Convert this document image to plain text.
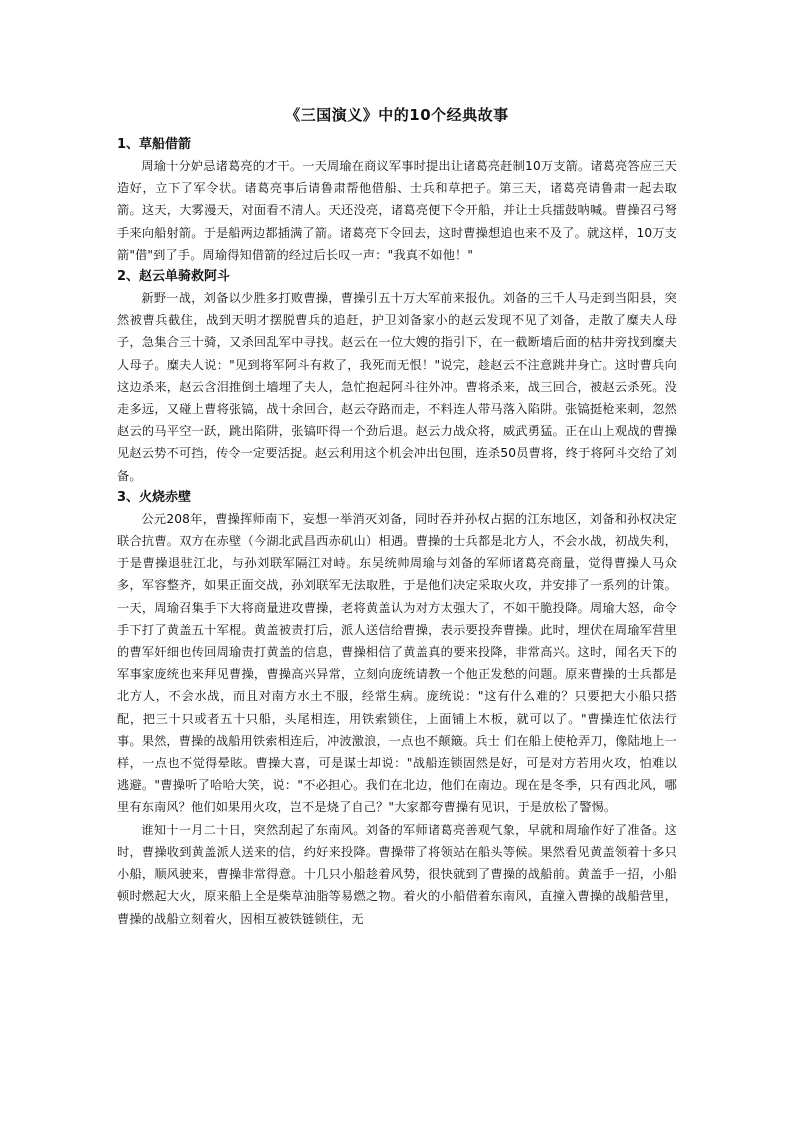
《三国演义》中的10个经典故事
1、草船借箭

周瑜十分妒忌诸葛亮的才干。一天周瑜在商议军事时提出让诸葛亮赶制10万支箭。诸葛亮答应三天造好，立下了军令状。诸葛亮事后请鲁肃帮他借船、士兵和草把子。第三天，诸葛亮请鲁肃一起去取箭。这天，大雾漫天，对面看不清人。天还没亮，诸葛亮便下令开船，并让士兵擂鼓呐喊。曹操召弓弩手来向船射箭。于是船两边都插满了箭。诸葛亮下令回去，这时曹操想追也来不及了。就这样，10万支箭"借"到了手。周瑜得知借箭的经过后长叹一声："我真不如他！"

2、赵云单骑救阿斗

新野一战，刘备以少胜多打败曹操，曹操引五十万大军前来报仇。刘备的三千人马走到当阳县，突然被曹兵截住，战到天明才摆脱曹兵的追赶，护卫刘备家小的赵云发现不见了刘备，走散了糜夫人母子，急集合三十骑，又杀回乱军中寻找。赵云在一位大嫂的指引下，在一截断墙后面的枯井旁找到糜夫人母子。糜夫人说："见到将军阿斗有救了，我死而无恨！"说完，趁赵云不注意跳井身亡。这时曹兵向这边杀来，赵云含泪推倒土墙埋了夫人，急忙抱起阿斗往外冲。曹将杀来，战三回合，被赵云杀死。没走多远，又碰上曹将张镐，战十余回合，赵云夺路而走，不料连人带马落入陷阱。张镐挺枪来刺，忽然赵云的马平空一跃，跳出陷阱，张镐吓得一个劲后退。赵云力战众将，威武勇猛。正在山上观战的曹操见赵云势不可挡，传令一定要活捉。赵云利用这个机会冲出包围，连杀50员曹将，终于将阿斗交给了刘备。

3、火烧赤壁

公元208年，曹操挥师南下，妄想一举消灭刘备，同时吞并孙权占据的江东地区，刘备和孙权决定联合抗曹。双方在赤壁（今湖北武昌西赤矶山）相遇。曹操的士兵都是北方人，不会水战，初战失利，于是曹操退驻江北，与孙刘联军隔江对峙。东吴统帅周瑜与刘备的军师诸葛亮商量，觉得曹操人马众多，军容整齐，如果正面交战，孙刘联军无法取胜，于是他们决定采取火攻，并安排了一系列的计策。一天，周瑜召集手下大将商量进攻曹操，老将黄盖认为对方太强大了，不如干脆投降。周瑜大怒，命令手下打了黄盖五十军棍。黄盖被责打后，派人送信给曹操，表示要投奔曹操。此时，埋伏在周瑜军营里的曹军奸细也传回周瑜责打黄盖的信息，曹操相信了黄盖真的要来投降，非常高兴。这时，闻名天下的军事家庞统也来拜见曹操，曹操高兴异常，立刻向庞统请教一个他正发愁的问题。原来曹操的士兵都是北方人，不会水战，而且对南方水土不服，经常生病。庞统说："这有什么难的？只要把大小船只搭配，把三十只或者五十只船，头尾相连，用铁索锁住，上面铺上木板，就可以了。"曹操连忙依法行事。果然，曹操的战船用铁索相连后，冲波激浪，一点也不颠簸。兵士 们在船上使枪弄刀，像陆地上一样，一点也不觉得晕眩。曹操大喜，可是谋士却说："战船连锁固然是好，可是对方若用火攻，怕难以逃避。"曹操听了哈哈大笑，说："不必担心。我们在北边，他们在南边。现在是冬季，只有西北风，哪里有东南风？他们如果用火攻，岂不是烧了自己？"大家都夸曹操有见识，于是放松了警惕。

谁知十一月二十日，突然刮起了东南风。刘备的军师诸葛亮善观气象，早就和周瑜作好了准备。这时，曹操收到黄盖派人送来的信，约好来投降。曹操带了将领站在船头等候。果然看见黄盖领着十多只小船，顺风驶来，曹操非常得意。十几只小船趁着风势，很快就到了曹操的战船前。黄盖手一招，小船顿时燃起大火，原来船上全是柴草油脂等易燃之物。着火的小船借着东南风，直撞入曹操的战船营里，曹操的战船立刻着火，因相互被铁链锁住，无
